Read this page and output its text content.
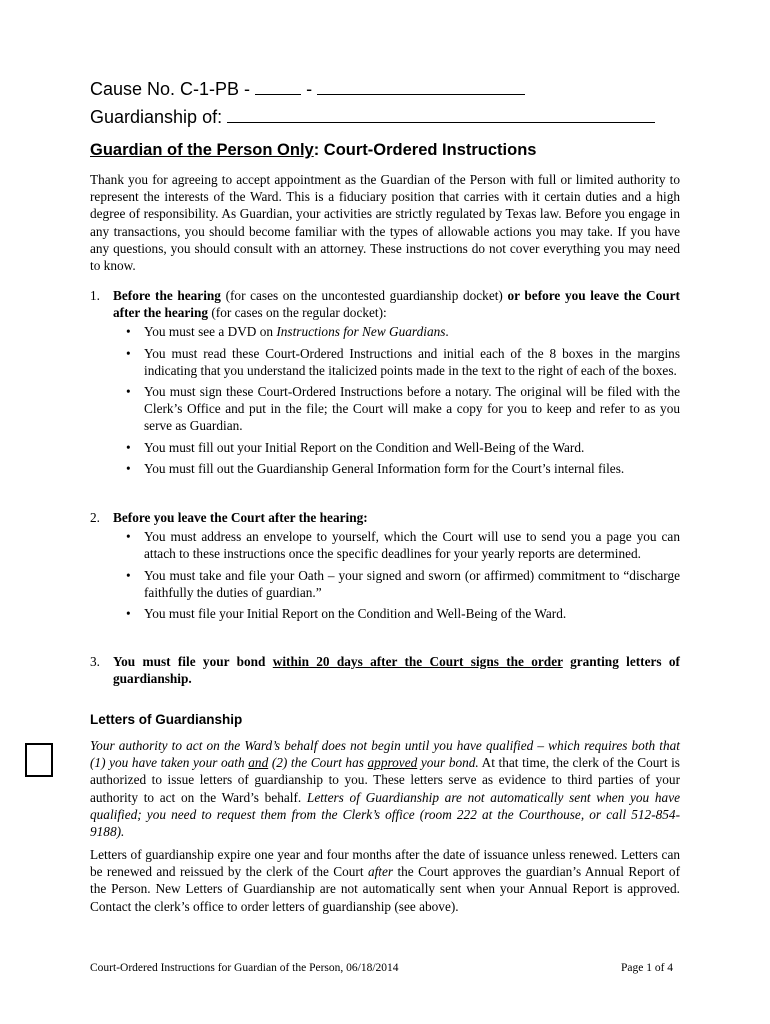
Cause No. C-1-PB -	-
Guardianship of:
Guardian of the Person Only: Court-Ordered Instructions
Thank you for agreeing to accept appointment as the Guardian of the Person with full or limited authority to represent the interests of the Ward. This is a fiduciary position that carries with it certain duties and a high degree of responsibility. As Guardian, your activities are strictly regulated by Texas law. Before you engage in any transactions, you should become familiar with the types of allowable actions you may take. If you have any questions, you should consult with an attorney. These instructions do not cover everything you may need to know.
1. Before the hearing (for cases on the uncontested guardianship docket) or before you leave the Court after the hearing (for cases on the regular docket):
• You must see a DVD on Instructions for New Guardians.
• You must read these Court-Ordered Instructions and initial each of the 8 boxes in the margins indicating that you understand the italicized points made in the text to the right of each of the boxes.
• You must sign these Court-Ordered Instructions before a notary. The original will be filed with the Clerk’s Office and put in the file; the Court will make a copy for you to keep and refer to as you serve as Guardian.
• You must fill out your Initial Report on the Condition and Well-Being of the Ward.
• You must fill out the Guardianship General Information form for the Court’s internal files.
2. Before you leave the Court after the hearing:
• You must address an envelope to yourself, which the Court will use to send you a page you can attach to these instructions once the specific deadlines for your yearly reports are determined.
• You must take and file your Oath – your signed and sworn (or affirmed) commitment to “discharge faithfully the duties of guardian.”
• You must file your Initial Report on the Condition and Well-Being of the Ward.
3. You must file your bond within 20 days after the Court signs the order granting letters of guardianship.
Letters of Guardianship
Your authority to act on the Ward’s behalf does not begin until you have qualified – which requires both that (1) you have taken your oath and (2) the Court has approved your bond. At that time, the clerk of the Court is authorized to issue letters of guardianship to you. These letters serve as evidence to third parties of your authority to act on the Ward’s behalf. Letters of Guardianship are not automatically sent when you have qualified; you need to request them from the Clerk’s office (room 222 at the Courthouse, or call 512-854-9188).
Letters of guardianship expire one year and four months after the date of issuance unless renewed. Letters can be renewed and reissued by the clerk of the Court after the Court approves the guardian’s Annual Report of the Person. New Letters of Guardianship are not automatically sent when your Annual Report is approved. Contact the clerk’s office to order letters of guardianship (see above).
Court-Ordered Instructions for Guardian of the Person, 06/18/2014	Page 1 of 4
